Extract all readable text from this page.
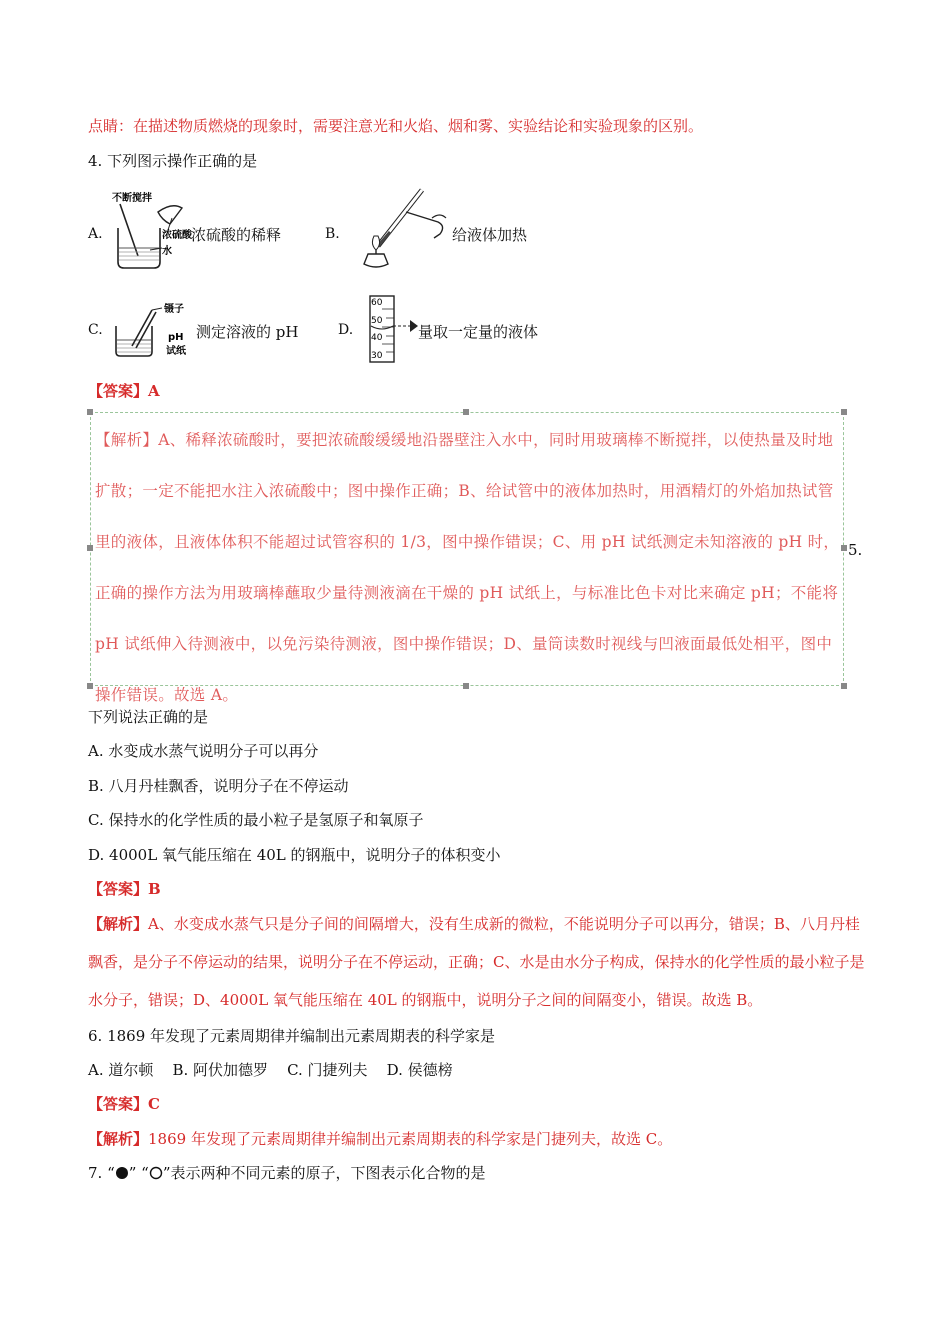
点睛：在描述物质燃烧的现象时，需要注意光和火焰、烟和雾、实验结论和实验现象的区别。
4. 下列图示操作正确的是
A.
不断搅拌
浓硫酸
水
浓硫酸的稀释	B.	给液体加热
C.
镊子
pH
试纸
测定溶液的 pH	D.
60
50
40
30
量取一定量的液体
【答案】A
【解析】A、稀释浓硫酸时，要把浓硫酸缓缓地沿器壁注入水中，同时用玻璃棒不断搅拌，以使热量及时地扩散；一定不能把水注入浓硫酸中；图中操作正确；B、给试管中的液体加热时，用酒精灯的外焰加热试管里的液体，且液体体积不能超过试管容积的 1/3，图中操作错误；C、用 pH 试纸测定未知溶液的 pH 时，正确的操作方法为用玻璃棒蘸取少量待测液滴在干燥的 pH 试纸上，与标准比色卡对比来确定 pH；不能将 pH 试纸伸入待测液中，以免污染待测液，图中操作错误；D、量筒读数时视线与凹液面最低处相平，图中操作错误。故选 A。
5.
下列说法正确的是
A. 水变成水蒸气说明分子可以再分
B. 八月丹桂飘香，说明分子在不停运动
C. 保持水的化学性质的最小粒子是氢原子和氧原子
D. 4000L 氧气能压缩在 40L 的钢瓶中，说明分子的体积变小
【答案】B
【解析】A、水变成水蒸气只是分子间的间隔增大，没有生成新的微粒，不能说明分子可以再分，错误；B、八月丹桂飘香，是分子不停运动的结果，说明分子在不停运动，正确；C、水是由水分子构成，保持水的化学性质的最小粒子是水分子，错误；D、4000L 氧气能压缩在 40L 的钢瓶中，说明分子之间的间隔变小，错误。故选 B。
6. 1869 年发现了元素周期律并编制出元素周期表的科学家是
A. 道尔顿    B. 阿伏加德罗    C. 门捷列夫    D. 侯德榜
【答案】C
【解析】1869 年发现了元素周期律并编制出元素周期表的科学家是门捷列夫，故选 C。
7. “ ” “ ”表示两种不同元素的原子，下图表示化合物的是
